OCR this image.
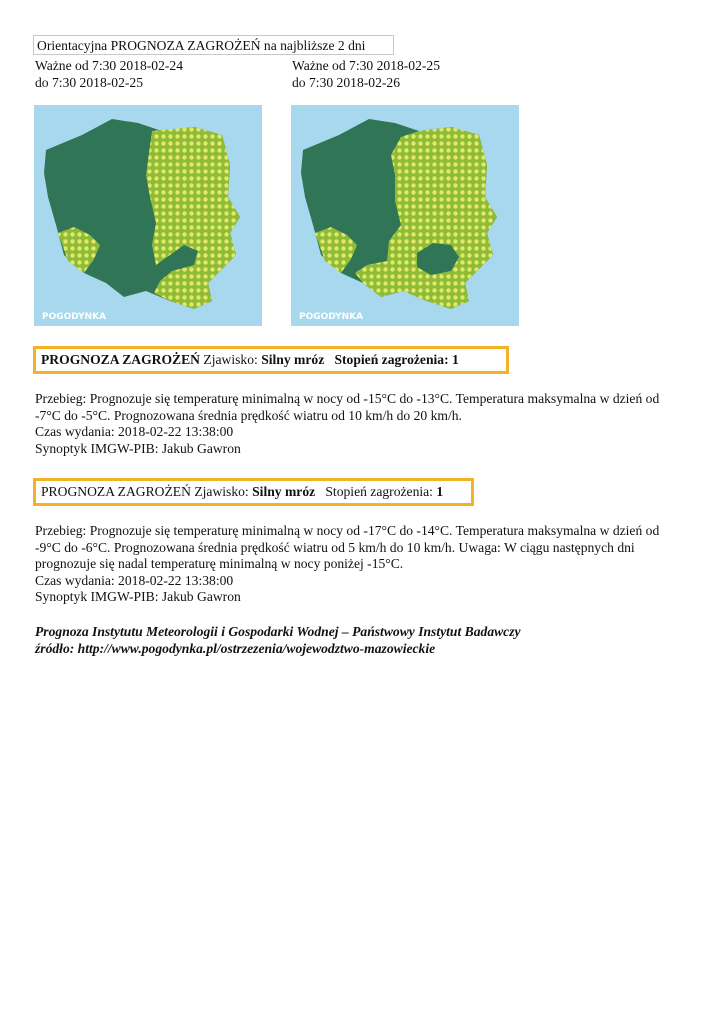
Orientacyjna PROGNOZA ZAGROŻEŃ na najbliższe 2 dni
Ważne od 7:30 2018-02-24
do 7:30 2018-02-25
Ważne od 7:30 2018-02-25
do 7:30 2018-02-26
POGODYNKA	POGODYNKA
PROGNOZA ZAGROŻEŃ Zjawisko: Silny mróz Stopień zagrożenia: 1
Przebieg: Prognozuje się temperaturę minimalną w nocy od -15°C do -13°C. Temperatura maksymalna w dzień od -7°C do -5°C. Prognozowana średnia prędkość wiatru od 10 km/h do 20 km/h.
Czas wydania: 2018-02-22 13:38:00
Synoptyk IMGW-PIB: Jakub Gawron
PROGNOZA ZAGROŻEŃ Zjawisko: Silny mróz Stopień zagrożenia: 1
Przebieg: Prognozuje się temperaturę minimalną w nocy od -17°C do -14°C. Temperatura maksymalna w dzień od -9°C do -6°C. Prognozowana średnia prędkość wiatru od 5 km/h do 10 km/h. Uwaga: W ciągu następnych dni prognozuje się nadal temperaturę minimalną w nocy poniżej -15°C.
Czas wydania: 2018-02-22 13:38:00
Synoptyk IMGW-PIB: Jakub Gawron
Prognoza Instytutu Meteorologii i Gospodarki Wodnej – Państwowy Instytut Badawczy
źródło: http://www.pogodynka.pl/ostrzezenia/wojewodztwo-mazowieckie
